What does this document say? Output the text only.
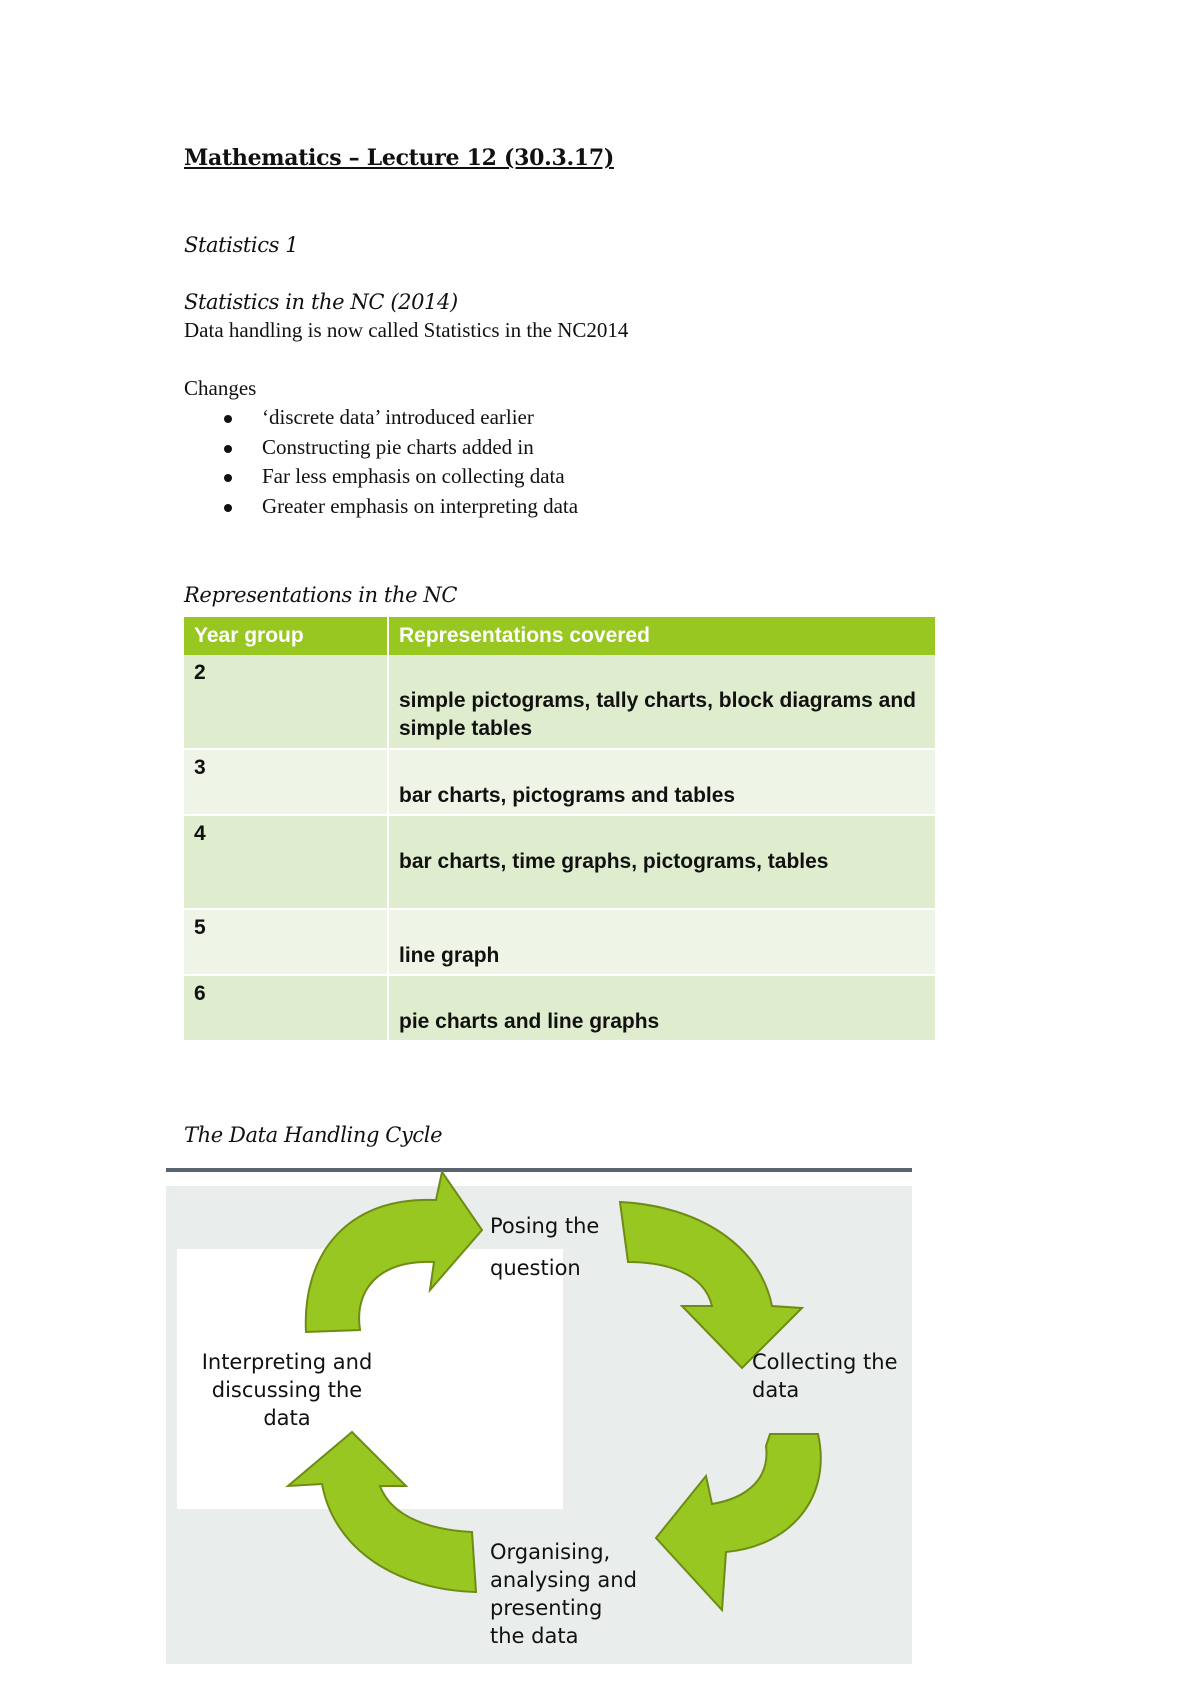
Mathematics – Lecture 12 (30.3.17)
Statistics 1
Statistics in the NC (2014)
Data handling is now called Statistics in the NC2014
Changes
‘discrete data’ introduced earlier
Constructing pie charts added in
Far less emphasis on collecting data
Greater emphasis on interpreting data
Representations in the NC
Year group	Representations covered
2	simple pictograms, tally charts, block diagrams and simple tables

3	bar charts, pictograms and tables

4	bar charts, time graphs, pictograms, tables

5	line graph

6	pie charts and line graphs
The Data Handling Cycle
Posing the
question
Collecting the
data
Organising,
analysing and
presenting
the data
Interpreting and
discussing the
data
